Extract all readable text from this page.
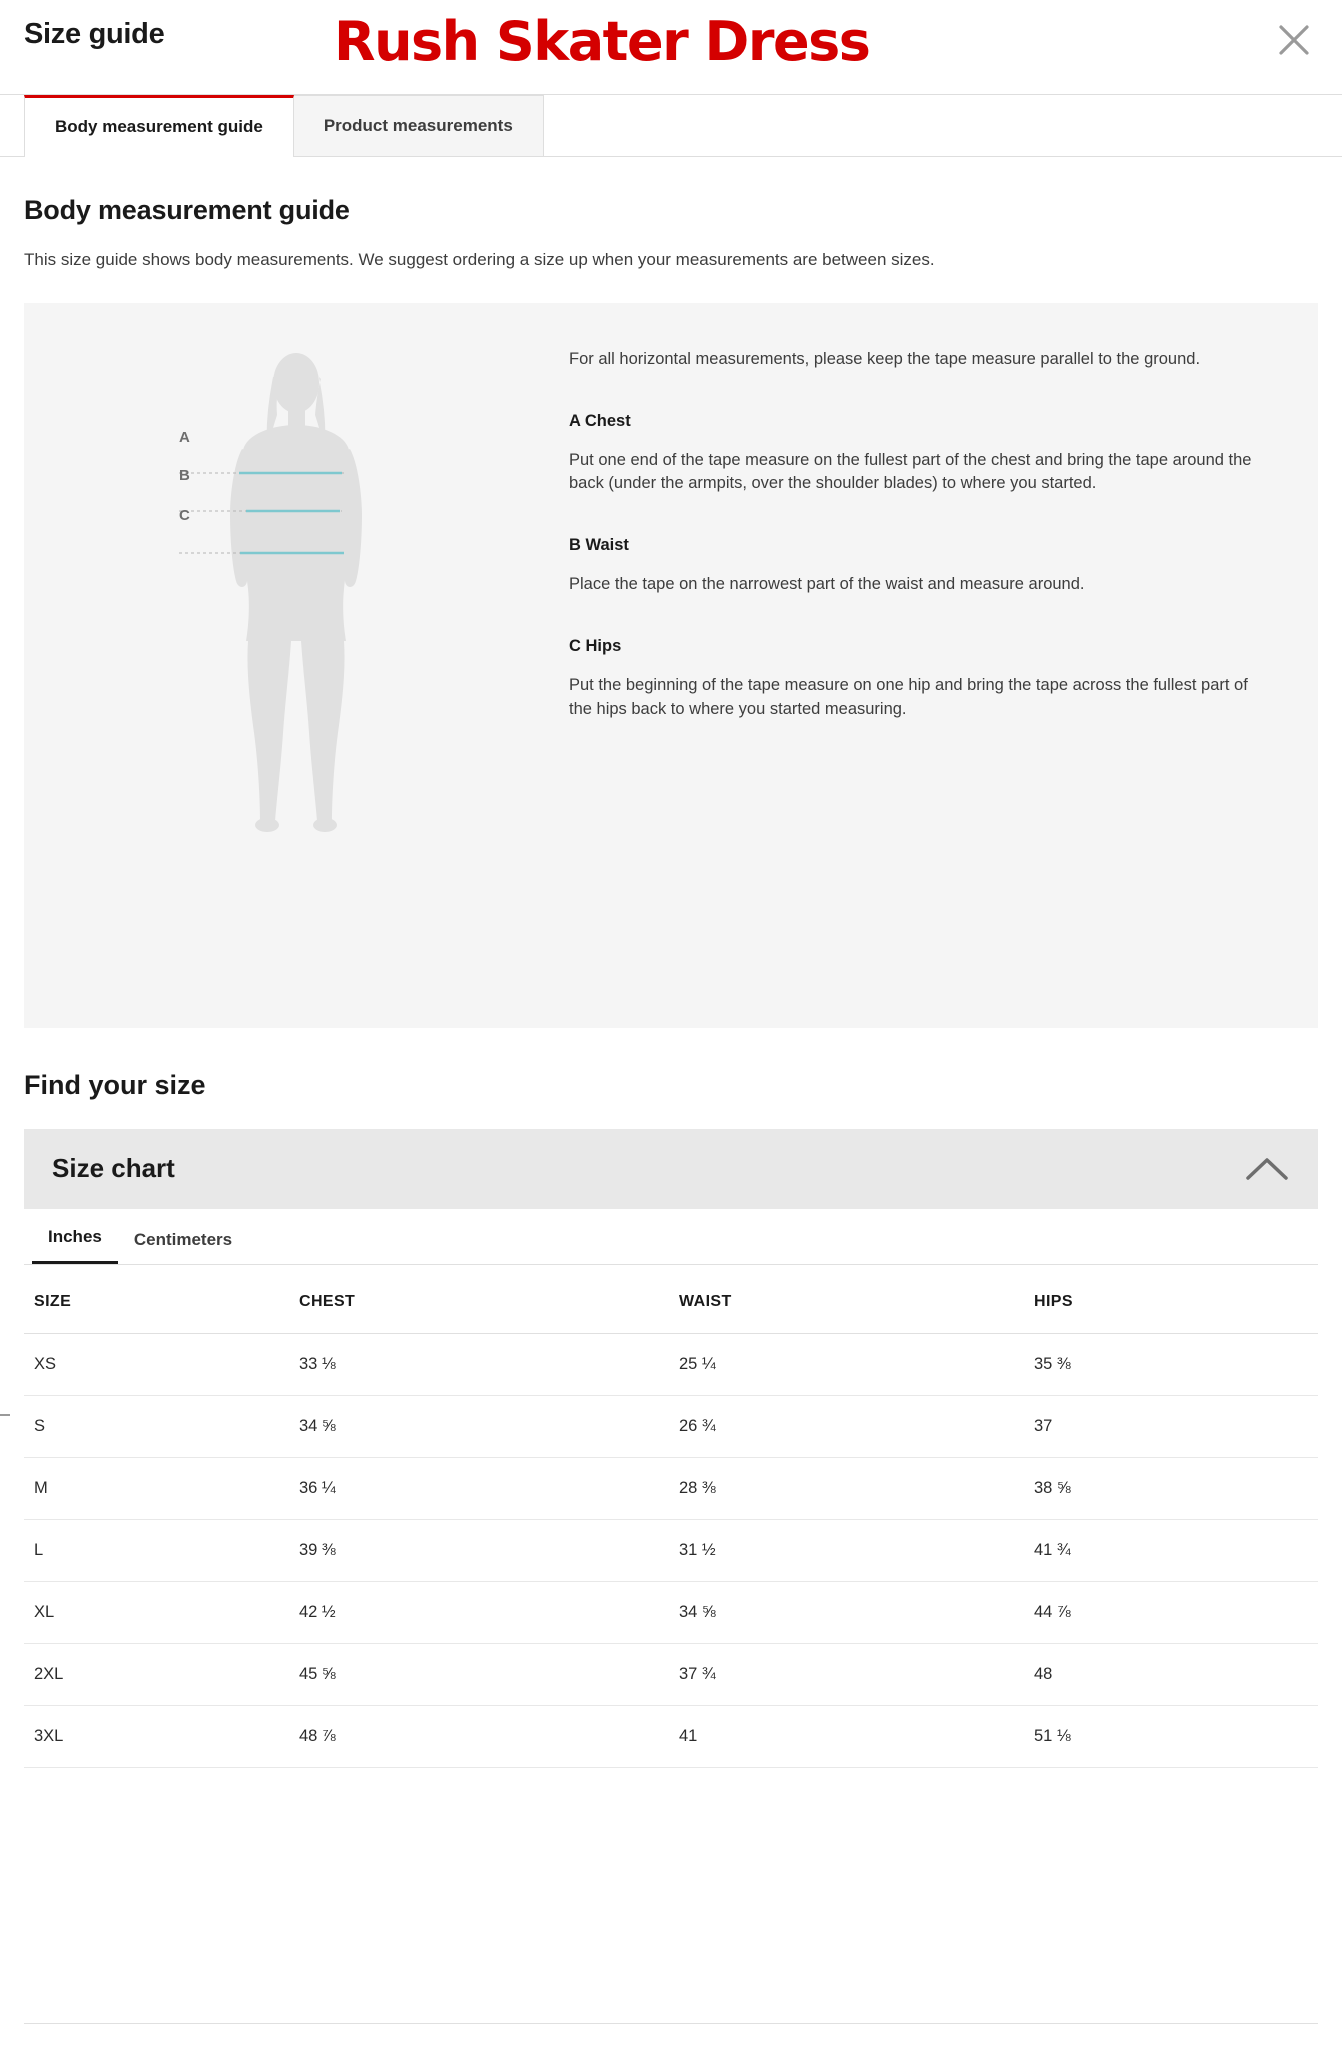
Size guide	Rush Skater Dress
Body measurement guide	Product measurements
Body measurement guide

This size guide shows body measurements. We suggest ordering a size up when your measurements are between sizes.

A
B
C

For all horizontal measurements, please keep the tape measure parallel to the ground.

A Chest

Put one end of the tape measure on the fullest part of the chest and bring the tape around the back (under the armpits, over the shoulder blades) to where you started.

B Waist

Place the tape on the narrowest part of the waist and measure around.

C Hips

Put the beginning of the tape measure on one hip and bring the tape across the fullest part of the hips back to where you started measuring.

Find your size
Size chart
Inches	Centimeters
SIZE	CHEST	WAIST	HIPS
XS	33 ⅛	25 ¼	35 ⅜
S	34 ⅝	26 ¾	37
M	36 ¼	28 ⅜	38 ⅝
L	39 ⅜	31 ½	41 ¾
XL	42 ½	34 ⅝	44 ⅞
2XL	45 ⅝	37 ¾	48
3XL	48 ⅞	41	51 ⅛
